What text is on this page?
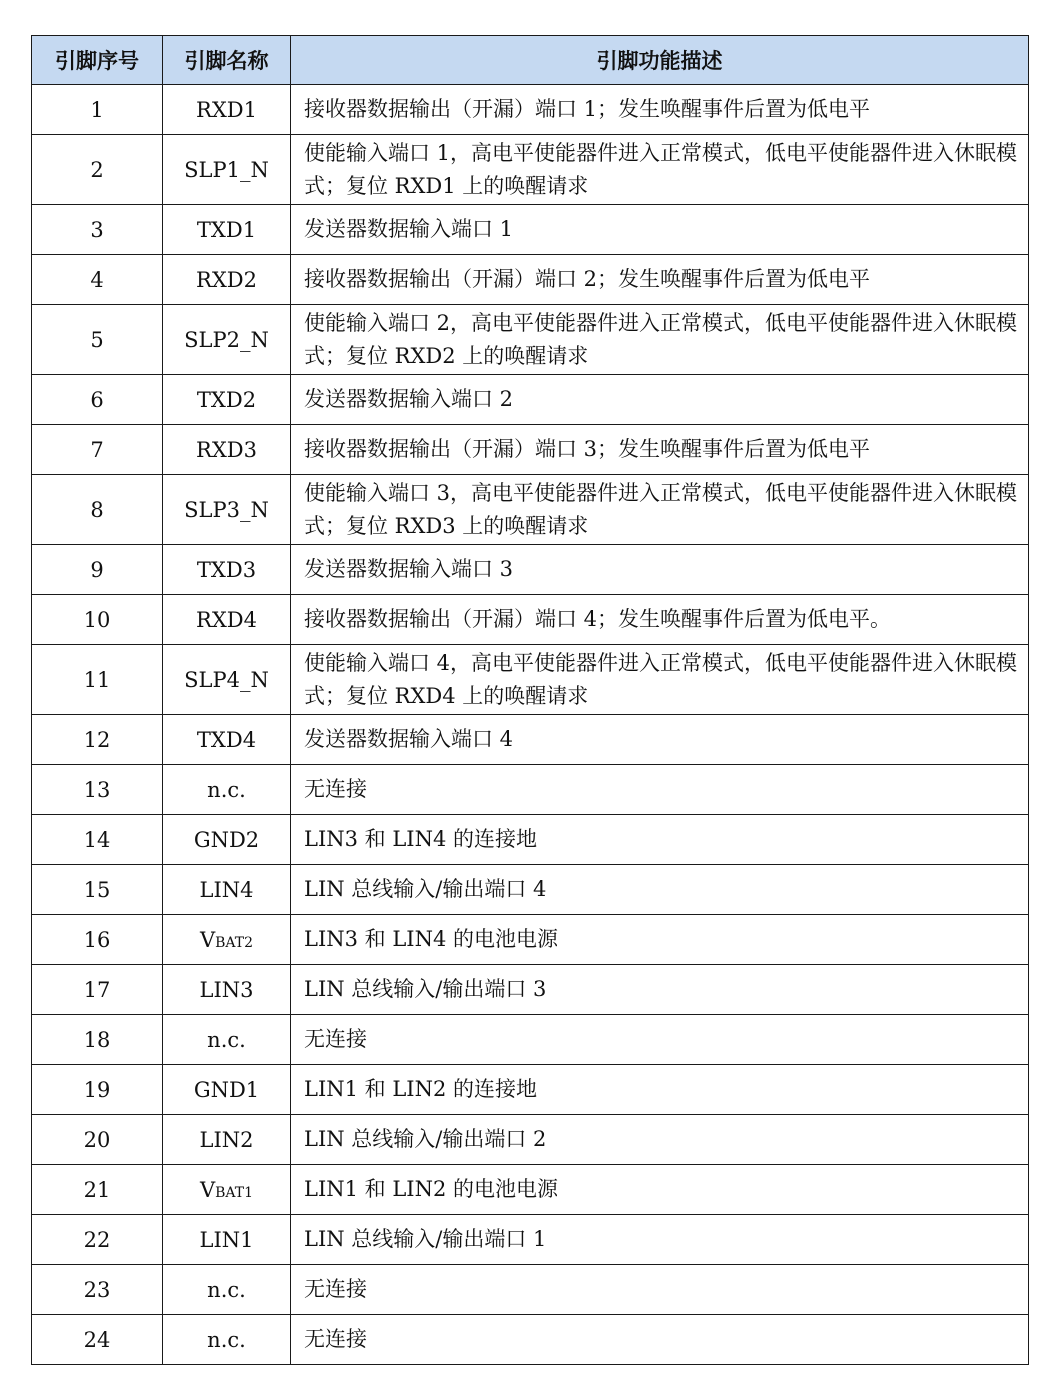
引脚序号	引脚名称	引脚功能描述
1	RXD1	接收器数据输出（开漏）端口 1；发生唤醒事件后置为低电平
2	SLP1_N	使能输入端口 1，高电平使能器件进入正常模式，低电平使能器件进入休眠模式；复位 RXD1 上的唤醒请求
3	TXD1	发送器数据输入端口 1
4	RXD2	接收器数据输出（开漏）端口 2；发生唤醒事件后置为低电平
5	SLP2_N	使能输入端口 2，高电平使能器件进入正常模式，低电平使能器件进入休眠模式；复位 RXD2 上的唤醒请求
6	TXD2	发送器数据输入端口 2
7	RXD3	接收器数据输出（开漏）端口 3；发生唤醒事件后置为低电平
8	SLP3_N	使能输入端口 3，高电平使能器件进入正常模式，低电平使能器件进入休眠模式；复位 RXD3 上的唤醒请求
9	TXD3	发送器数据输入端口 3
10	RXD4	接收器数据输出（开漏）端口 4；发生唤醒事件后置为低电平。
11	SLP4_N	使能输入端口 4，高电平使能器件进入正常模式，低电平使能器件进入休眠模式；复位 RXD4 上的唤醒请求
12	TXD4	发送器数据输入端口 4
13	n.c.	无连接
14	GND2	LIN3 和 LIN4 的连接地
15	LIN4	LIN 总线输入/输出端口 4
16	VBAT2	LIN3 和 LIN4 的电池电源
17	LIN3	LIN 总线输入/输出端口 3
18	n.c.	无连接
19	GND1	LIN1 和 LIN2 的连接地
20	LIN2	LIN 总线输入/输出端口 2
21	VBAT1	LIN1 和 LIN2 的电池电源
22	LIN1	LIN 总线输入/输出端口 1
23	n.c.	无连接
24	n.c.	无连接
